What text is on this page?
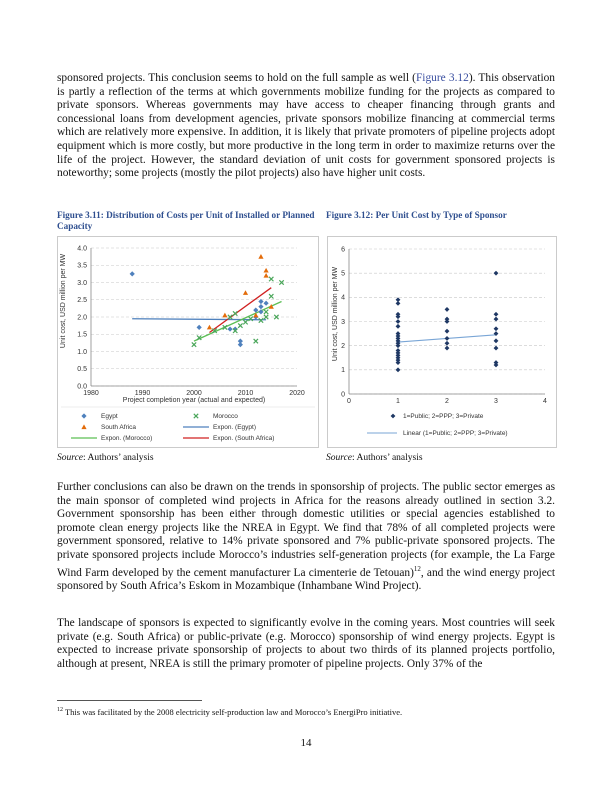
sponsored projects. This conclusion seems to hold on the full sample as well (Figure 3.12). This observation is partly a reflection of the terms at which governments mobilize funding for the projects as compared to private sponsors. Whereas governments may have access to cheaper financing through grants and concessional loans from development agencies, private sponsors mobilize financing at commercial terms which are relatively more expensive. In addition, it is likely that private promoters of pipeline projects adopt equipment which is more costly, but more productive in the long term in order to maximize returns over the life of the project. However, the standard deviation of unit costs for government sponsored projects is noteworthy; some projects (mostly the pilot projects) also have higher unit costs.

Figure 3.11: Distribution of Costs per Unit of Installed or Planned Capacity

Figure 3.12: Per Unit Cost by Type of Sponsor

0.0
0.5
1.0
1.5
2.0
2.5
3.0
3.5
4.0
1980	1990	2000	2010	2020
Unit cost, USD million per MW
Project completion year (actual and expected)
Egypt	Morocco
South Africa	Expon. (Egypt)
Expon. (Morocco)	Expon. (South Africa)
0
1
2
3
4
5
6
0	1	2	3	4
Unit cost, USD million per MW
1=Public; 2=PPP; 3=Private
Linear (1=Public; 2=PPP; 3=Private)
Source: Authors’ analysis	Source: Authors’ analysis

Further conclusions can also be drawn on the trends in sponsorship of projects. The public sector emerges as the main sponsor of completed wind projects in Africa for the reasons already outlined in section 3.2. Government sponsorship has been either through domestic utilities or special agencies established to promote clean energy projects like the NREA in Egypt. We find that 78% of all completed projects were government sponsored, relative to 14% private sponsored and 7% public-private sponsored projects. The private sponsored projects include Morocco’s industries self-generation projects (for example, the La Farge Wind Farm developed by the cement manufacturer La cimenterie de Tetouan)$^{12}$, and the wind energy project sponsored by South Africa’s Eskom in Mozambique (Inhambane Wind Project).

The landscape of sponsors is expected to significantly evolve in the coming years. Most countries will seek private (e.g. South Africa) or public-private (e.g. Morocco) sponsorship of wind energy projects. Egypt is expected to increase private sponsorship of projects to about two thirds of its planned projects portfolio, although at present, NREA is still the primary promoter of pipeline projects. Only 37% of the

$^{12}$ This was facilitated by the 2008 electricity self-production law and Morocco’s EnergiPro initiative.
14
